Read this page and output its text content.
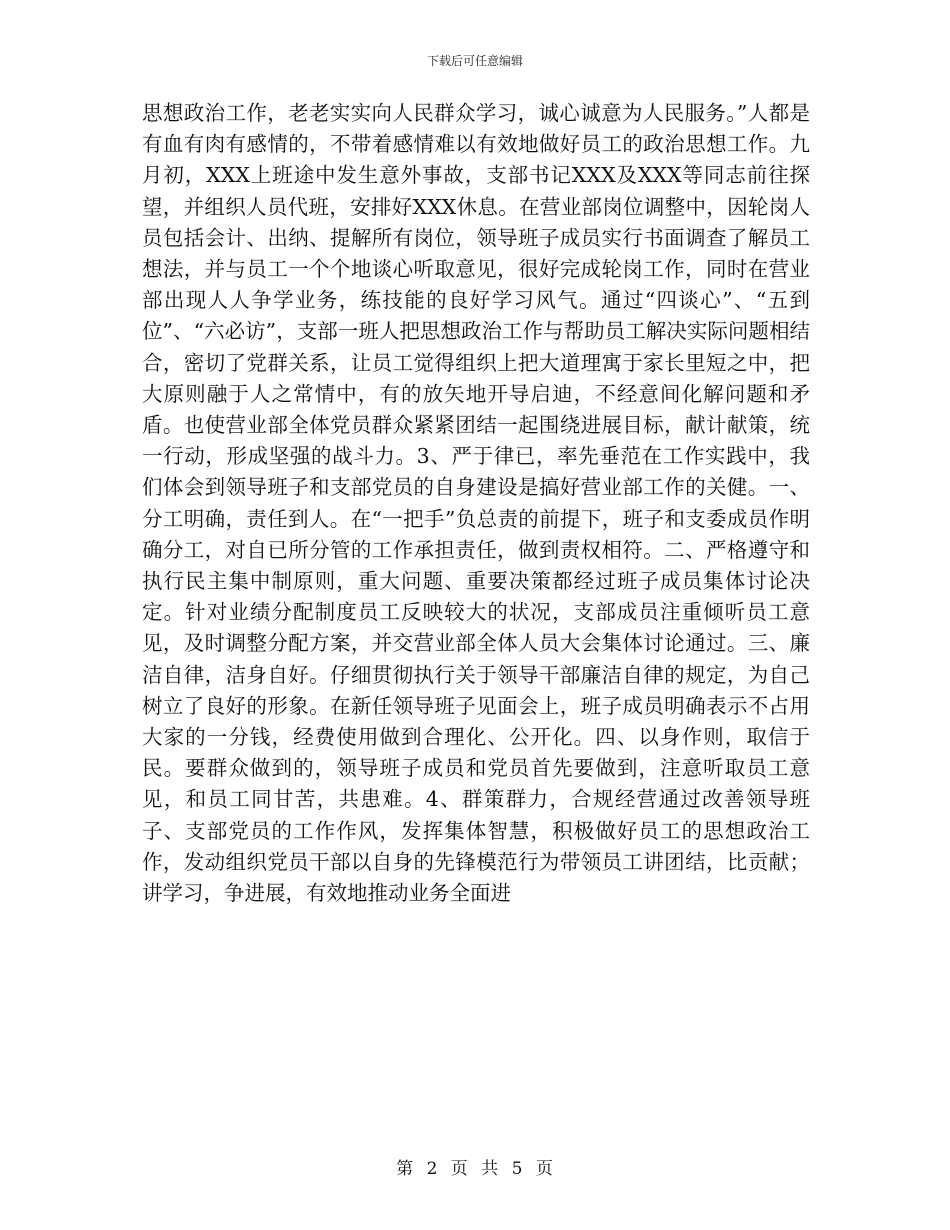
下载后可任意编辑

思想政治工作，老老实实向人民群众学习，诚心诚意为人民服务。”人都是有血有肉有感情的，不带着感情难以有效地做好员工的政治思想工作。九月初，XXX上班途中发生意外事故，支部书记XXX及XXX等同志前往探望，并组织人员代班，安排好XXX休息。在营业部岗位调整中，因轮岗人员包括会计、出纳、提解所有岗位，领导班子成员实行书面调查了解员工想法，并与员工一个个地谈心听取意见，很好完成轮岗工作，同时在营业部出现人人争学业务，练技能的良好学习风气。通过“四谈心”、“五到位”、“六必访”，支部一班人把思想政治工作与帮助员工解决实际问题相结合，密切了党群关系，让员工觉得组织上把大道理寓于家长里短之中，把大原则融于人之常情中，有的放矢地开导启迪，不经意间化解问题和矛盾。也使营业部全体党员群众紧紧团结一起围绕进展目标，献计献策，统一行动，形成坚强的战斗力。3、严于律已，率先垂范在工作实践中，我们体会到领导班子和支部党员的自身建设是搞好营业部工作的关健。一、分工明确，责任到人。在“一把手”负总责的前提下，班子和支委成员作明确分工，对自已所分管的工作承担责任，做到责权相符。二、严格遵守和执行民主集中制原则，重大问题、重要决策都经过班子成员集体讨论决定。针对业绩分配制度员工反映较大的状况，支部成员注重倾听员工意见，及时调整分配方案，并交营业部全体人员大会集体讨论通过。三、廉洁自律，洁身自好。仔细贯彻执行关于领导干部廉洁自律的规定，为自己树立了良好的形象。在新任领导班子见面会上，班子成员明确表示不占用大家的一分钱，经费使用做到合理化、公开化。四、以身作则，取信于民。要群众做到的，领导班子成员和党员首先要做到，注意听取员工意见，和员工同甘苦，共患难。4、群策群力，合规经营通过改善领导班子、支部党员的工作作风，发挥集体智慧，积极做好员工的思想政治工作，发动组织党员干部以自身的先锋模范行为带领员工讲团结，比贡献；讲学习，争进展，有效地推动业务全面进

第 2 页 共 5 页
